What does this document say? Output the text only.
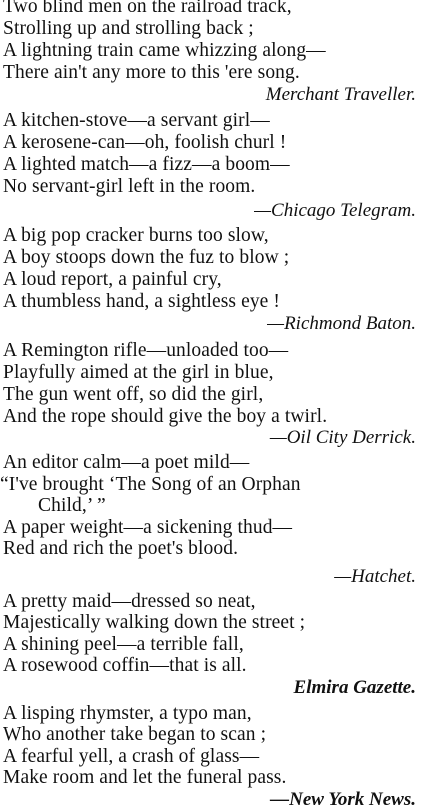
Two blind men on the railroad track,
Strolling up and strolling back ;
A lightning train came whizzing along—
There ain't any more to this 'ere song.
Merchant Traveller.
A kitchen-stove—a servant girl—
A kerosene-can—oh, foolish churl !
A lighted match—a fizz—a boom—
No servant-girl left in the room.
—Chicago Telegram.
A big pop cracker burns too slow,
A boy stoops down the fuz to blow ;
A loud report, a painful cry,
A thumbless hand, a sightless eye !
—Richmond Baton.
A Remington rifle—unloaded too—
Playfully aimed at the girl in blue,
The gun went off, so did the girl,
And the rope should give the boy a twirl.
—Oil City Derrick.
An editor calm—a poet mild—
“I've brought ‘The Song of an Orphan
Child,’ ”
A paper weight—a sickening thud—
Red and rich the poet's blood.
—Hatchet.
A pretty maid—dressed so neat,
Majestically walking down the street ;
A shining peel—a terrible fall,
A rosewood coffin—that is all.
Elmira Gazette.
A lisping rhymster, a typo man,
Who another take began to scan ;
A fearful yell, a crash of glass—
Make room and let the funeral pass.
—New York News.
